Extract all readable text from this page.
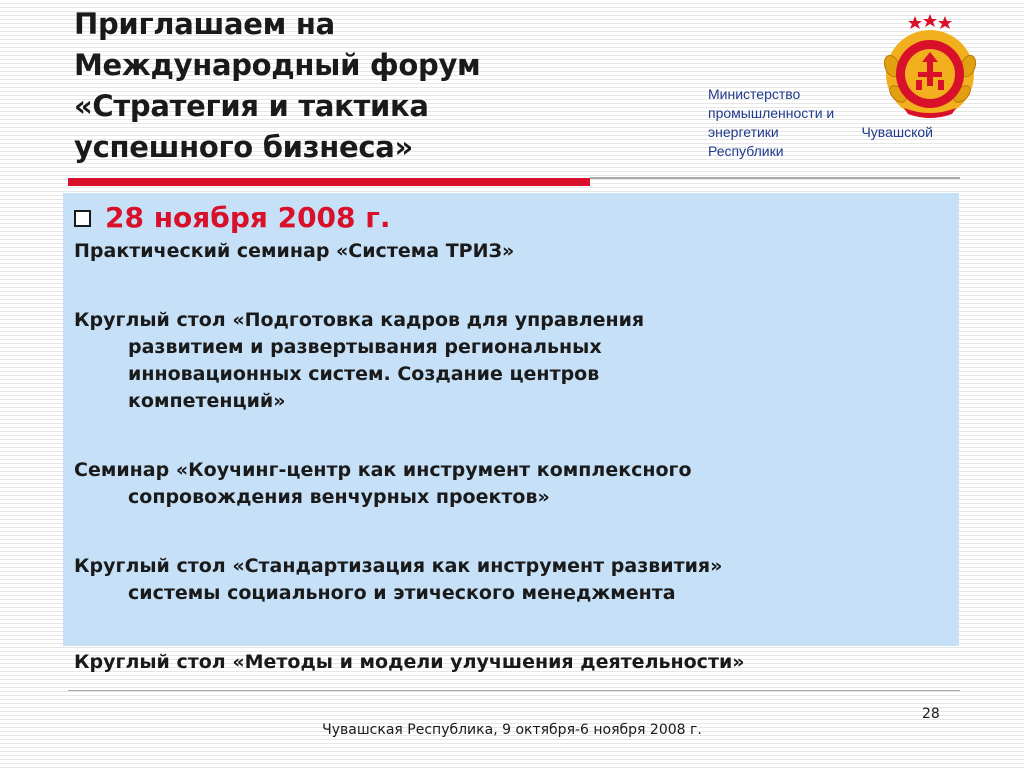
Приглашаем на
Международный форум
«Стратегия и тактика
успешного бизнеса»
Министерство
промышленности и
энергетики	Чувашской
Республики
28 ноября 2008 г.
Практический семинар «Система ТРИЗ»
Круглый стол «Подготовка кадров для управления
развитием и развертывания региональных
инновационных систем. Создание центров
компетенций»
Семинар «Коучинг-центр как инструмент комплексного
сопровождения венчурных проектов»
Круглый стол «Стандартизация как инструмент развития»
системы социального и этического менеджмента
Круглый стол «Методы и модели улучшения деятельности»
28
Чувашская Республика, 9 октября-6 ноября 2008 г.
